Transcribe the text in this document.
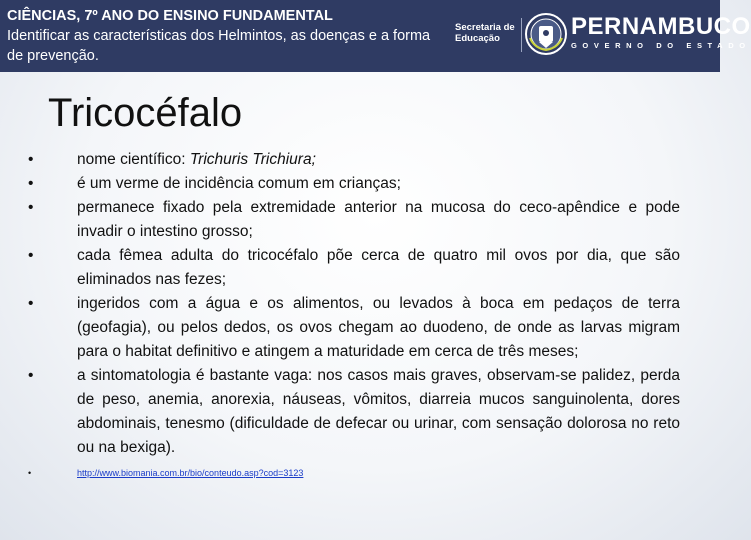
CIÊNCIAS, 7º ANO DO ENSINO FUNDAMENTAL
Identificar as características dos Helmintos, as doenças e a forma de prevenção.
Secretaria de
Educação	PERNAMBUCO
GOVERNO DO ESTADO
Tricocéfalo
•	nome científico: Trichuris Trichiura;
•	é um verme de incidência comum em crianças;
•	permanece fixado pela extremidade anterior na mucosa do ceco-apêndice e pode invadir o intestino grosso;
•	cada fêmea adulta do tricocéfalo põe cerca de quatro mil ovos por dia, que são eliminados nas fezes;
•	ingeridos com a água e os alimentos, ou levados à boca em pedaços de terra (geofagia), ou pelos dedos, os ovos chegam ao duodeno, de onde as larvas migram para o habitat definitivo e atingem a maturidade em cerca de três meses;
•	a sintomatologia é bastante vaga: nos casos mais graves, observam-se palidez, perda de peso, anemia, anorexia, náuseas, vômitos, diarreia mucos sanguinolenta, dores abdominais, tenesmo (dificuldade de defecar ou urinar, com sensação dolorosa no reto ou na bexiga).
•	http://www.biomania.com.br/bio/conteudo.asp?cod=3123
